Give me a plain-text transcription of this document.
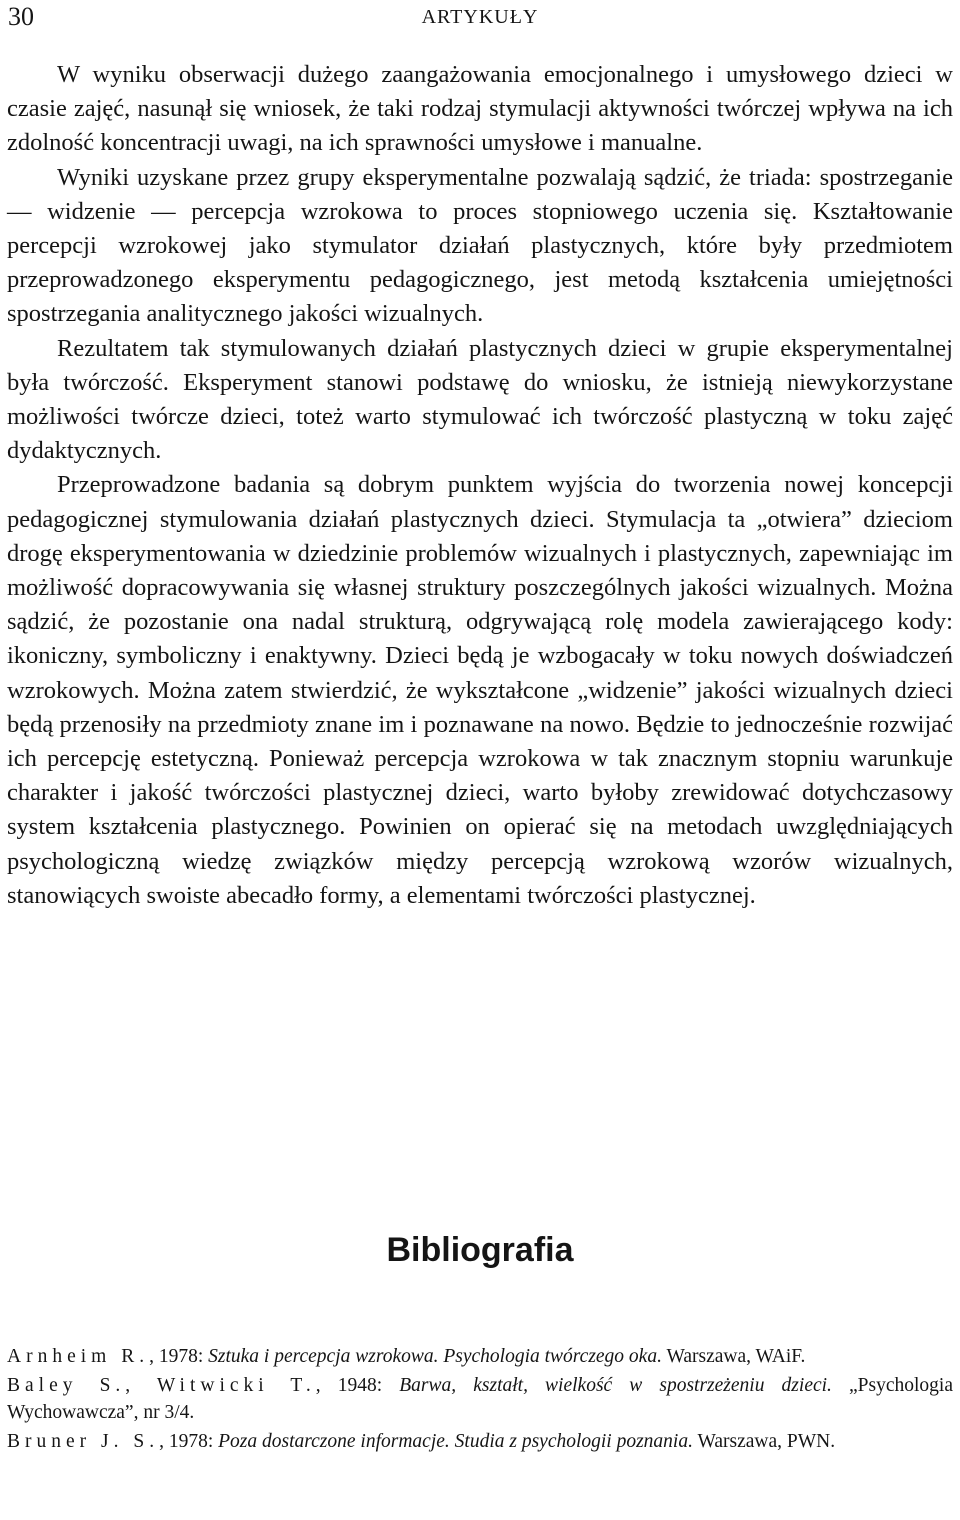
30	ARTYKUŁY

W wyniku obserwacji dużego zaangażowania emocjonalnego i umysłowego dzieci w czasie zajęć, nasunął się wniosek, że taki rodzaj stymulacji aktywności twórczej wpływa na ich zdolność koncentracji uwagi, na ich sprawności umysłowe i manualne.

Wyniki uzyskane przez grupy eksperymentalne pozwalają sądzić, że triada: spostrzeganie — widzenie — percepcja wzrokowa to proces stopniowego uczenia się. Kształtowanie percepcji wzrokowej jako stymulator działań plastycznych, które były przedmiotem przeprowadzonego eksperymentu pedagogicznego, jest metodą kształcenia umiejętności spostrzegania analitycznego jakości wizualnych.

Rezultatem tak stymulowanych działań plastycznych dzieci w grupie eksperymentalnej była twórczość. Eksperyment stanowi podstawę do wniosku, że istnieją niewykorzystane możliwości twórcze dzieci, toteż warto stymulować ich twórczość plastyczną w toku zajęć dydaktycznych.

Przeprowadzone badania są dobrym punktem wyjścia do tworzenia nowej koncepcji pedagogicznej stymulowania działań plastycznych dzieci. Stymulacja ta „otwiera” dzieciom drogę eksperymentowania w dziedzinie problemów wizualnych i plastycznych, zapewniając im możliwość dopracowywania się własnej struktury poszczególnych jakości wizualnych. Można sądzić, że pozostanie ona nadal strukturą, odgrywającą rolę modela zawierającego kody: ikoniczny, symboliczny i enaktywny. Dzieci będą je wzbogacały w toku nowych doświadczeń wzrokowych. Można zatem stwierdzić, że wykształcone „widzenie” jakości wizualnych dzieci będą przenosiły na przedmioty znane im i poznawane na nowo. Będzie to jednocześnie rozwijać ich percepcję estetyczną. Ponieważ percepcja wzrokowa w tak znacznym stopniu warunkuje charakter i jakość twórczości plastycznej dzieci, warto byłoby zrewidować dotychczasowy system kształcenia plastycznego. Powinien on opierać się na metodach uwzględniających psychologiczną wiedzę związków między percepcją wzrokową wzorów wizualnych, stanowiących swoiste abecadło formy, a elementami twórczości plastycznej.

Bibliografia

Arnheim R., 1978: Sztuka i percepcja wzrokowa. Psychologia twórczego oka. Warszawa, WAiF.

Baley S., Witwicki T., 1948: Barwa, kształt, wielkość w spostrzeżeniu dzieci. „Psychologia Wychowawcza”, nr 3/4.

Bruner J. S., 1978: Poza dostarczone informacje. Studia z psychologii poznania. Warszawa, PWN.
